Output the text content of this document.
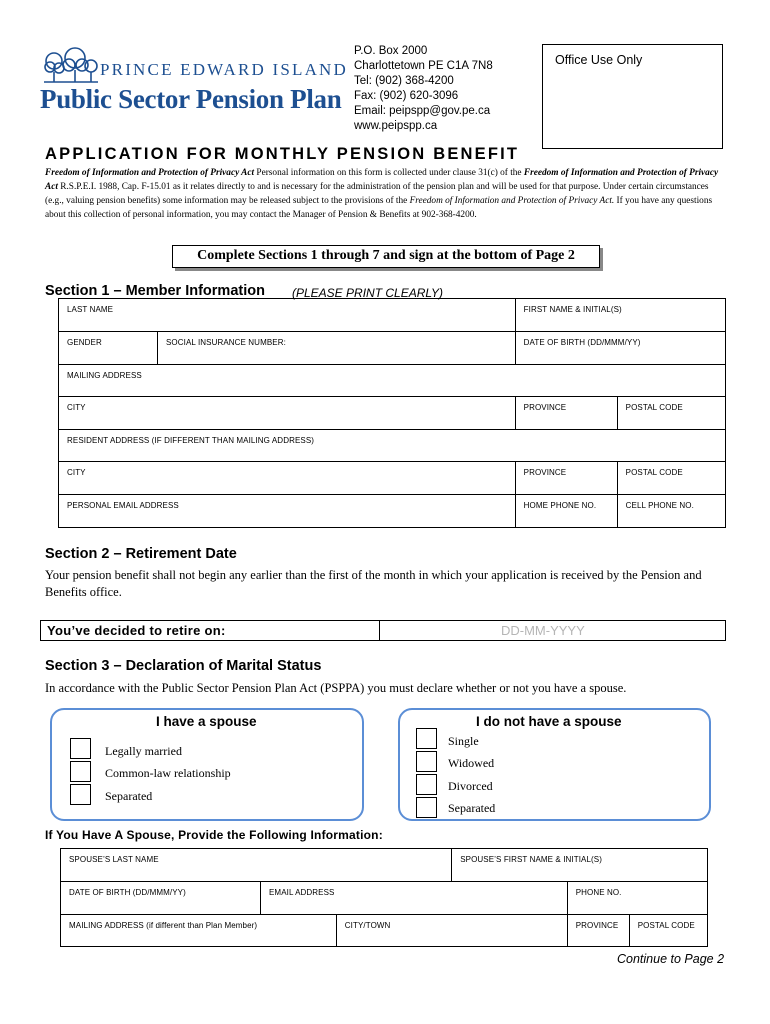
PRINCE EDWARD ISLAND
Public Sector Pension Plan
P.O. Box 2000
Charlottetown PE C1A 7N8
Tel: (902) 368-4200
Fax: (902) 620-3096
Email: peipspp@gov.pe.ca
www.peipspp.ca
Office Use Only
APPLICATION FOR MONTHLY PENSION BENEFIT
Freedom of Information and Protection of Privacy Act Personal information on this form is collected under clause 31(c) of the Freedom of Information and Protection of Privacy Act R.S.P.E.I. 1988, Cap. F-15.01 as it relates directly to and is necessary for the administration of the pension plan and will be used for that purpose. Under certain circumstances (e.g., valuing pension benefits) some information may be released subject to the provisions of the Freedom of Information and Protection of Privacy Act. If you have any questions about this collection of personal information, you may contact the Manager of Pension & Benefits at 902-368-4200.
Complete Sections 1 through 7 and sign at the bottom of Page 2
Section 1 – Member Information (PLEASE PRINT CLEARLY)
LAST NAME		FIRST NAME & INITIAL(S)	
GENDER	SOCIAL INSURANCE NUMBER:	DATE OF BIRTH (DD/MMM/YY)	
MAILING ADDRESS			
CITY		PROVINCE	POSTAL CODE
RESIDENT ADDRESS (IF DIFFERENT THAN MAILING ADDRESS)			
CITY		PROVINCE	POSTAL CODE
PERSONAL EMAIL ADDRESS		HOME PHONE NO.	CELL PHONE NO.
Section 2 – Retirement Date
Your pension benefit shall not begin any earlier than the first of the month in which your application is received by the Pension and Benefits office.
You’ve decided to retire on:	DD-MM-YYYY
Section 3 – Declaration of Marital Status
In accordance with the Public Sector Pension Plan Act (PSPPA) you must declare whether or not you have a spouse.
I have a spouse
Legally married
Common-law relationship
Separated
I do not have a spouse
Single
Widowed
Divorced
Separated
If You Have A Spouse, Provide the Following Information:
SPOUSE’S LAST NAME			SPOUSE’S FIRST NAME & INITIAL(S)		
DATE OF BIRTH (DD/MMM/YY)	EMAIL ADDRESS			PHONE NO.	
MAILING ADDRESS (if different than Plan Member)		CITY/TOWN		PROVINCE	POSTAL CODE
Continue to Page 2
